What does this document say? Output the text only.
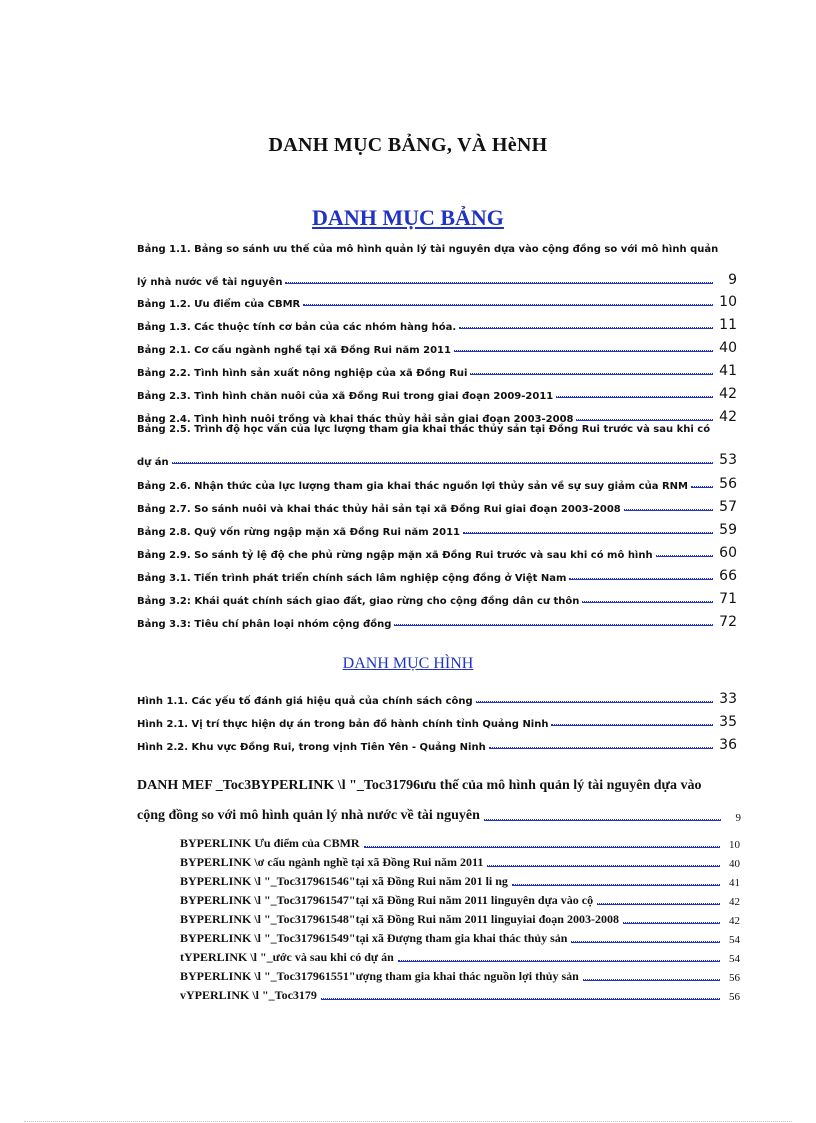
DANH MỤC BẢNG, VÀ HèNH
DANH MỤC BẢNG
Bảng 1.1. Bảng so sánh ưu thế của mô hình quản lý tài nguyên dựa vào cộng đồng so với mô hình quản
lý nhà nước về tài nguyên	9
Bảng 1.2. Ưu điểm của CBMR	10
Bảng 1.3. Các thuộc tính cơ bản của các nhóm hàng hóa.	11
Bảng 2.1. Cơ cấu ngành nghề tại xã Đồng Rui năm 2011	40
Bảng 2.2. Tình hình sản xuất nông nghiệp của xã Đồng Rui	41
Bảng 2.3. Tình hình chăn nuôi của xã Đồng Rui trong giai đoạn 2009-2011	42
Bảng 2.4. Tình hình nuôi trồng và khai thác thủy hải sản giai đoạn 2003-2008	42
Bảng 2.5. Trình độ học vấn của lực lượng tham gia khai thác thủy sản tại Đồng Rui trước và sau khi có
dự án	53
Bảng 2.6. Nhận thức của lực lượng tham gia khai thác nguồn lợi thủy sản về sự suy giảm của RNM 56
Bảng 2.7. So sánh nuôi và khai thác thủy hải sản tại xã Đồng Rui giai đoạn 2003-2008	57
Bảng 2.8. Quỹ vốn rừng ngập mặn xã Đồng Rui năm 2011	59
Bảng 2.9. So sánh tỷ lệ độ che phủ rừng ngập mặn xã Đồng Rui trước và sau khi có mô hình	60
Bảng 3.1. Tiến trình phát triển chính sách lâm nghiệp cộng đồng ở Việt Nam	66
Bảng 3.2: Khái quát chính sách giao đất, giao rừng cho cộng đồng dân cư thôn	71
Bảng 3.3: Tiêu chí phân loại nhóm cộng đồng	72
DANH MỤC HÌNH
Hình 1.1. Các yếu tố đánh giá hiệu quả của chính sách công	33
Hình 2.1. Vị trí thực hiện dự án trong bản đồ hành chính tỉnh Quảng Ninh	35
Hình 2.2. Khu vực Đồng Rui, trong vịnh Tiên Yên - Quảng Ninh	36
DANH MEF _Toc3BYPERLINK \l "_Toc31796ưu thế của mô hình quản lý tài nguyên dựa vào
cộng đồng so với mô hình quản lý nhà nước về tài nguyên	9
BYPERLINK Ưu điểm của CBMR	10
BYPERLINK \ơ cấu ngành nghề tại xã Đồng Rui năm 2011	40
BYPERLINK \l "_Toc317961546"tại xã Đồng Rui năm 201 li ng	41
BYPERLINK \l "_Toc317961547"tại xã Đồng Rui năm 2011 linguyên dựa vào cộ	42
BYPERLINK \l "_Toc317961548"tại xã Đồng Rui năm 2011 linguyiai đoạn 2003-2008	42
BYPERLINK \l "_Toc317961549"tại xã Đượng tham gia khai thác thủy sản	54
tYPERLINK \l "_ước và sau khi có dự án	54
BYPERLINK \l "_Toc317961551"ượng tham gia khai thác nguồn lợi thủy sản	56
vYPERLINK \l "_Toc3179	56
